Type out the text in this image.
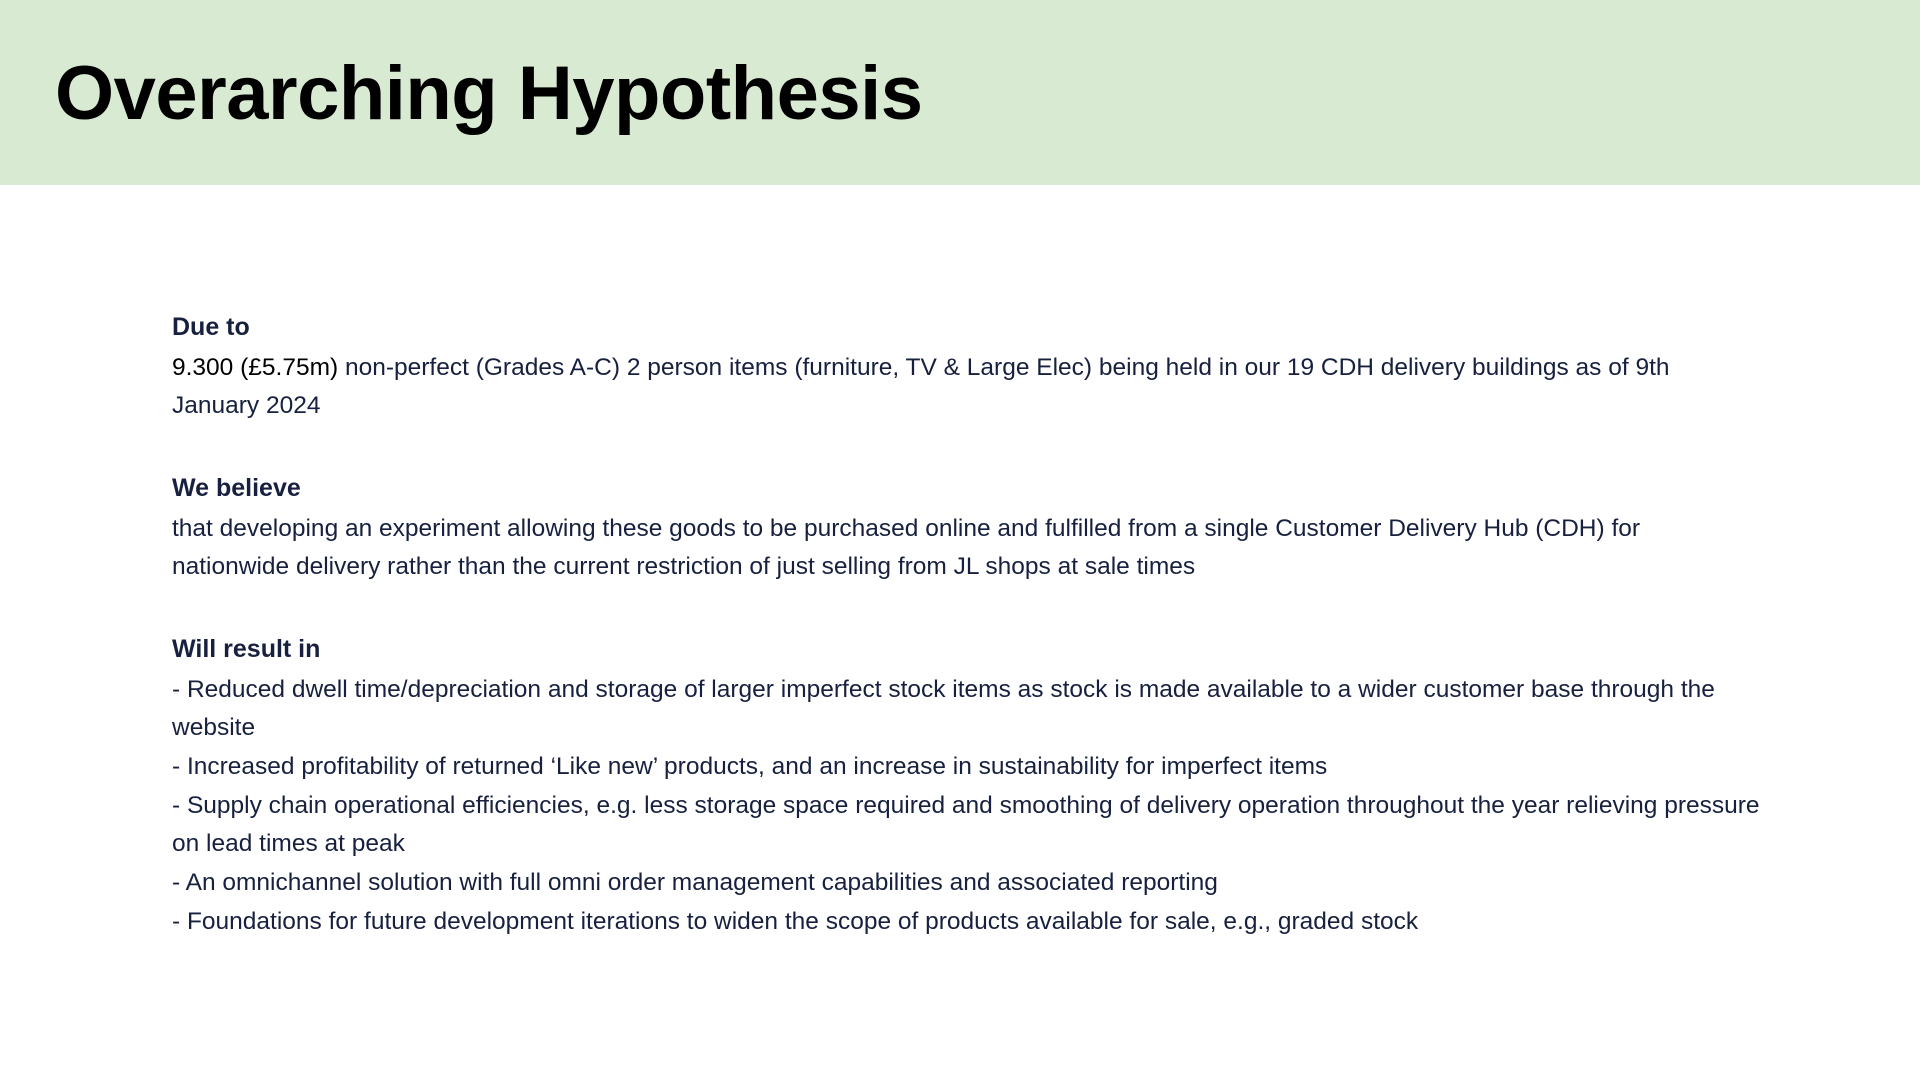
Overarching Hypothesis

Due to

9.300 (£5.75m) non-perfect (Grades A-C) 2 person items (furniture, TV & Large Elec) being held in our 19 CDH delivery buildings as of 9th January 2024

We believe

that developing an experiment allowing these goods to be purchased online and fulfilled from a single Customer Delivery Hub (CDH) for nationwide delivery rather than the current restriction of just selling from JL shops at sale times

Will result in

- Reduced dwell time/depreciation and storage of larger imperfect stock items as stock is made available to a wider customer base through the website
- Increased profitability of returned ‘Like new’ products, and an increase in sustainability for imperfect items
- Supply chain operational efficiencies, e.g. less storage space required and smoothing of delivery operation throughout the year relieving pressure on lead times at peak
- An omnichannel solution with full omni order management capabilities and associated reporting
- Foundations for future development iterations to widen the scope of products available for sale, e.g., graded stock
